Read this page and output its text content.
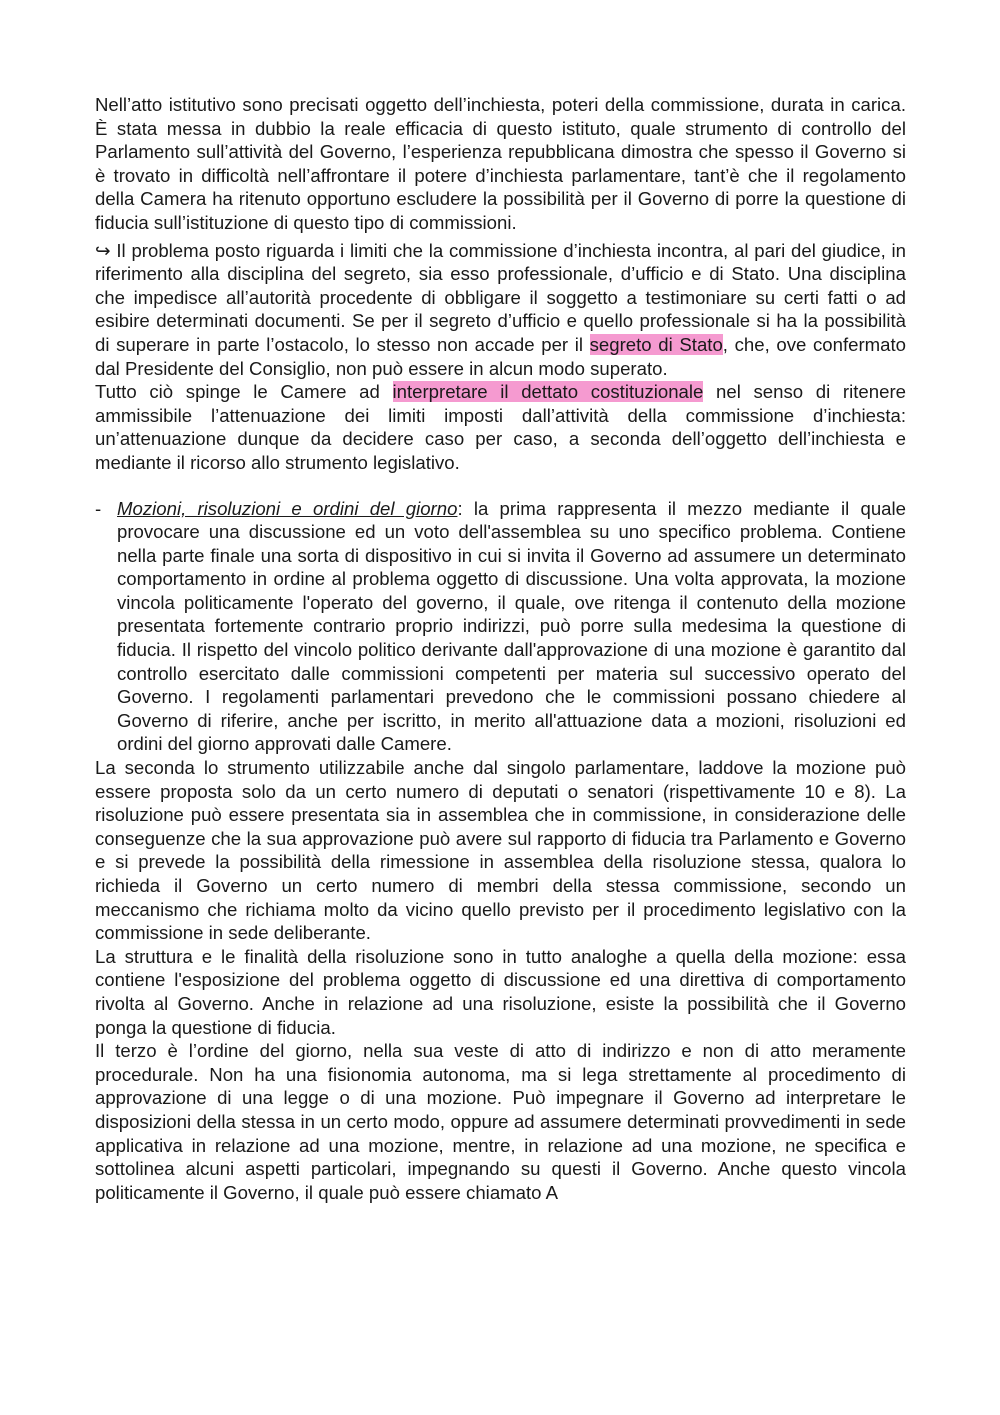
Nell’atto istitutivo sono precisati oggetto dell’inchiesta, poteri della commissione, durata in carica. È stata messa in dubbio la reale efficacia di questo istituto, quale strumento di controllo del Parlamento sull’attività del Governo, l’esperienza repubblicana dimostra che spesso il Governo si è trovato in difficoltà nell’affrontare il potere d’inchiesta parlamentare, tant’è che il regolamento della Camera ha ritenuto opportuno escludere la possibilità per il Governo di porre la questione di fiducia sull’istituzione di questo tipo di commissioni.

↪ Il problema posto riguarda i limiti che la commissione d’inchiesta incontra, al pari del giudice, in riferimento alla disciplina del segreto, sia esso professionale, d’ufficio e di Stato. Una disciplina che impedisce all’autorità procedente di obbligare il soggetto a testimoniare su certi fatti o ad esibire determinati documenti. Se per il segreto d’ufficio e quello professionale si ha la possibilità di superare in parte l’ostacolo, lo stesso non accade per il segreto di Stato, che, ove confermato dal Presidente del Consiglio, non può essere in alcun modo superato.

Tutto ciò spinge le Camere ad interpretare il dettato costituzionale nel senso di ritenere ammissibile l’attenuazione dei limiti imposti dall’attività della commissione d’inchiesta: un’attenuazione dunque da decidere caso per caso, a seconda dell’oggetto dell’inchiesta e mediante il ricorso allo strumento legislativo.

- Mozioni, risoluzioni e ordini del giorno: la prima rappresenta il mezzo mediante il quale provocare una discussione ed un voto dell'assemblea su uno specifico problema. Contiene nella parte finale una sorta di dispositivo in cui si invita il Governo ad assumere un determinato comportamento in ordine al problema oggetto di discussione. Una volta approvata, la mozione vincola politicamente l'operato del governo, il quale, ove ritenga il contenuto della mozione presentata fortemente contrario proprio indirizzi, può porre sulla medesima la questione di fiducia. Il rispetto del vincolo politico derivante dall'approvazione di una mozione è garantito dal controllo esercitato dalle commissioni competenti per materia sul successivo operato del Governo. I regolamenti parlamentari prevedono che le commissioni possano chiedere al Governo di riferire, anche per iscritto, in merito all'attuazione data a mozioni, risoluzioni ed ordini del giorno approvati dalle Camere.

La seconda lo strumento utilizzabile anche dal singolo parlamentare, laddove la mozione può essere proposta solo da un certo numero di deputati o senatori (rispettivamente 10 e 8). La risoluzione può essere presentata sia in assemblea che in commissione, in considerazione delle conseguenze che la sua approvazione può avere sul rapporto di fiducia tra Parlamento e Governo e si prevede la possibilità della rimessione in assemblea della risoluzione stessa, qualora lo richieda il Governo un certo numero di membri della stessa commissione, secondo un meccanismo che richiama molto da vicino quello previsto per il procedimento legislativo con la commissione in sede deliberante.

La struttura e le finalità della risoluzione sono in tutto analoghe a quella della mozione: essa contiene l'esposizione del problema oggetto di discussione ed una direttiva di comportamento rivolta al Governo. Anche in relazione ad una risoluzione, esiste la possibilità che il Governo ponga la questione di fiducia.

Il terzo è l’ordine del giorno, nella sua veste di atto di indirizzo e non di atto meramente procedurale. Non ha una fisionomia autonoma, ma si lega strettamente al procedimento di approvazione di una legge o di una mozione. Può impegnare il Governo ad interpretare le disposizioni della stessa in un certo modo, oppure ad assumere determinati provvedimenti in sede applicativa in relazione ad una mozione, mentre, in relazione ad una mozione, ne specifica e sottolinea alcuni aspetti particolari, impegnando su questi il Governo. Anche questo vincola politicamente il Governo, il quale può essere chiamato A
